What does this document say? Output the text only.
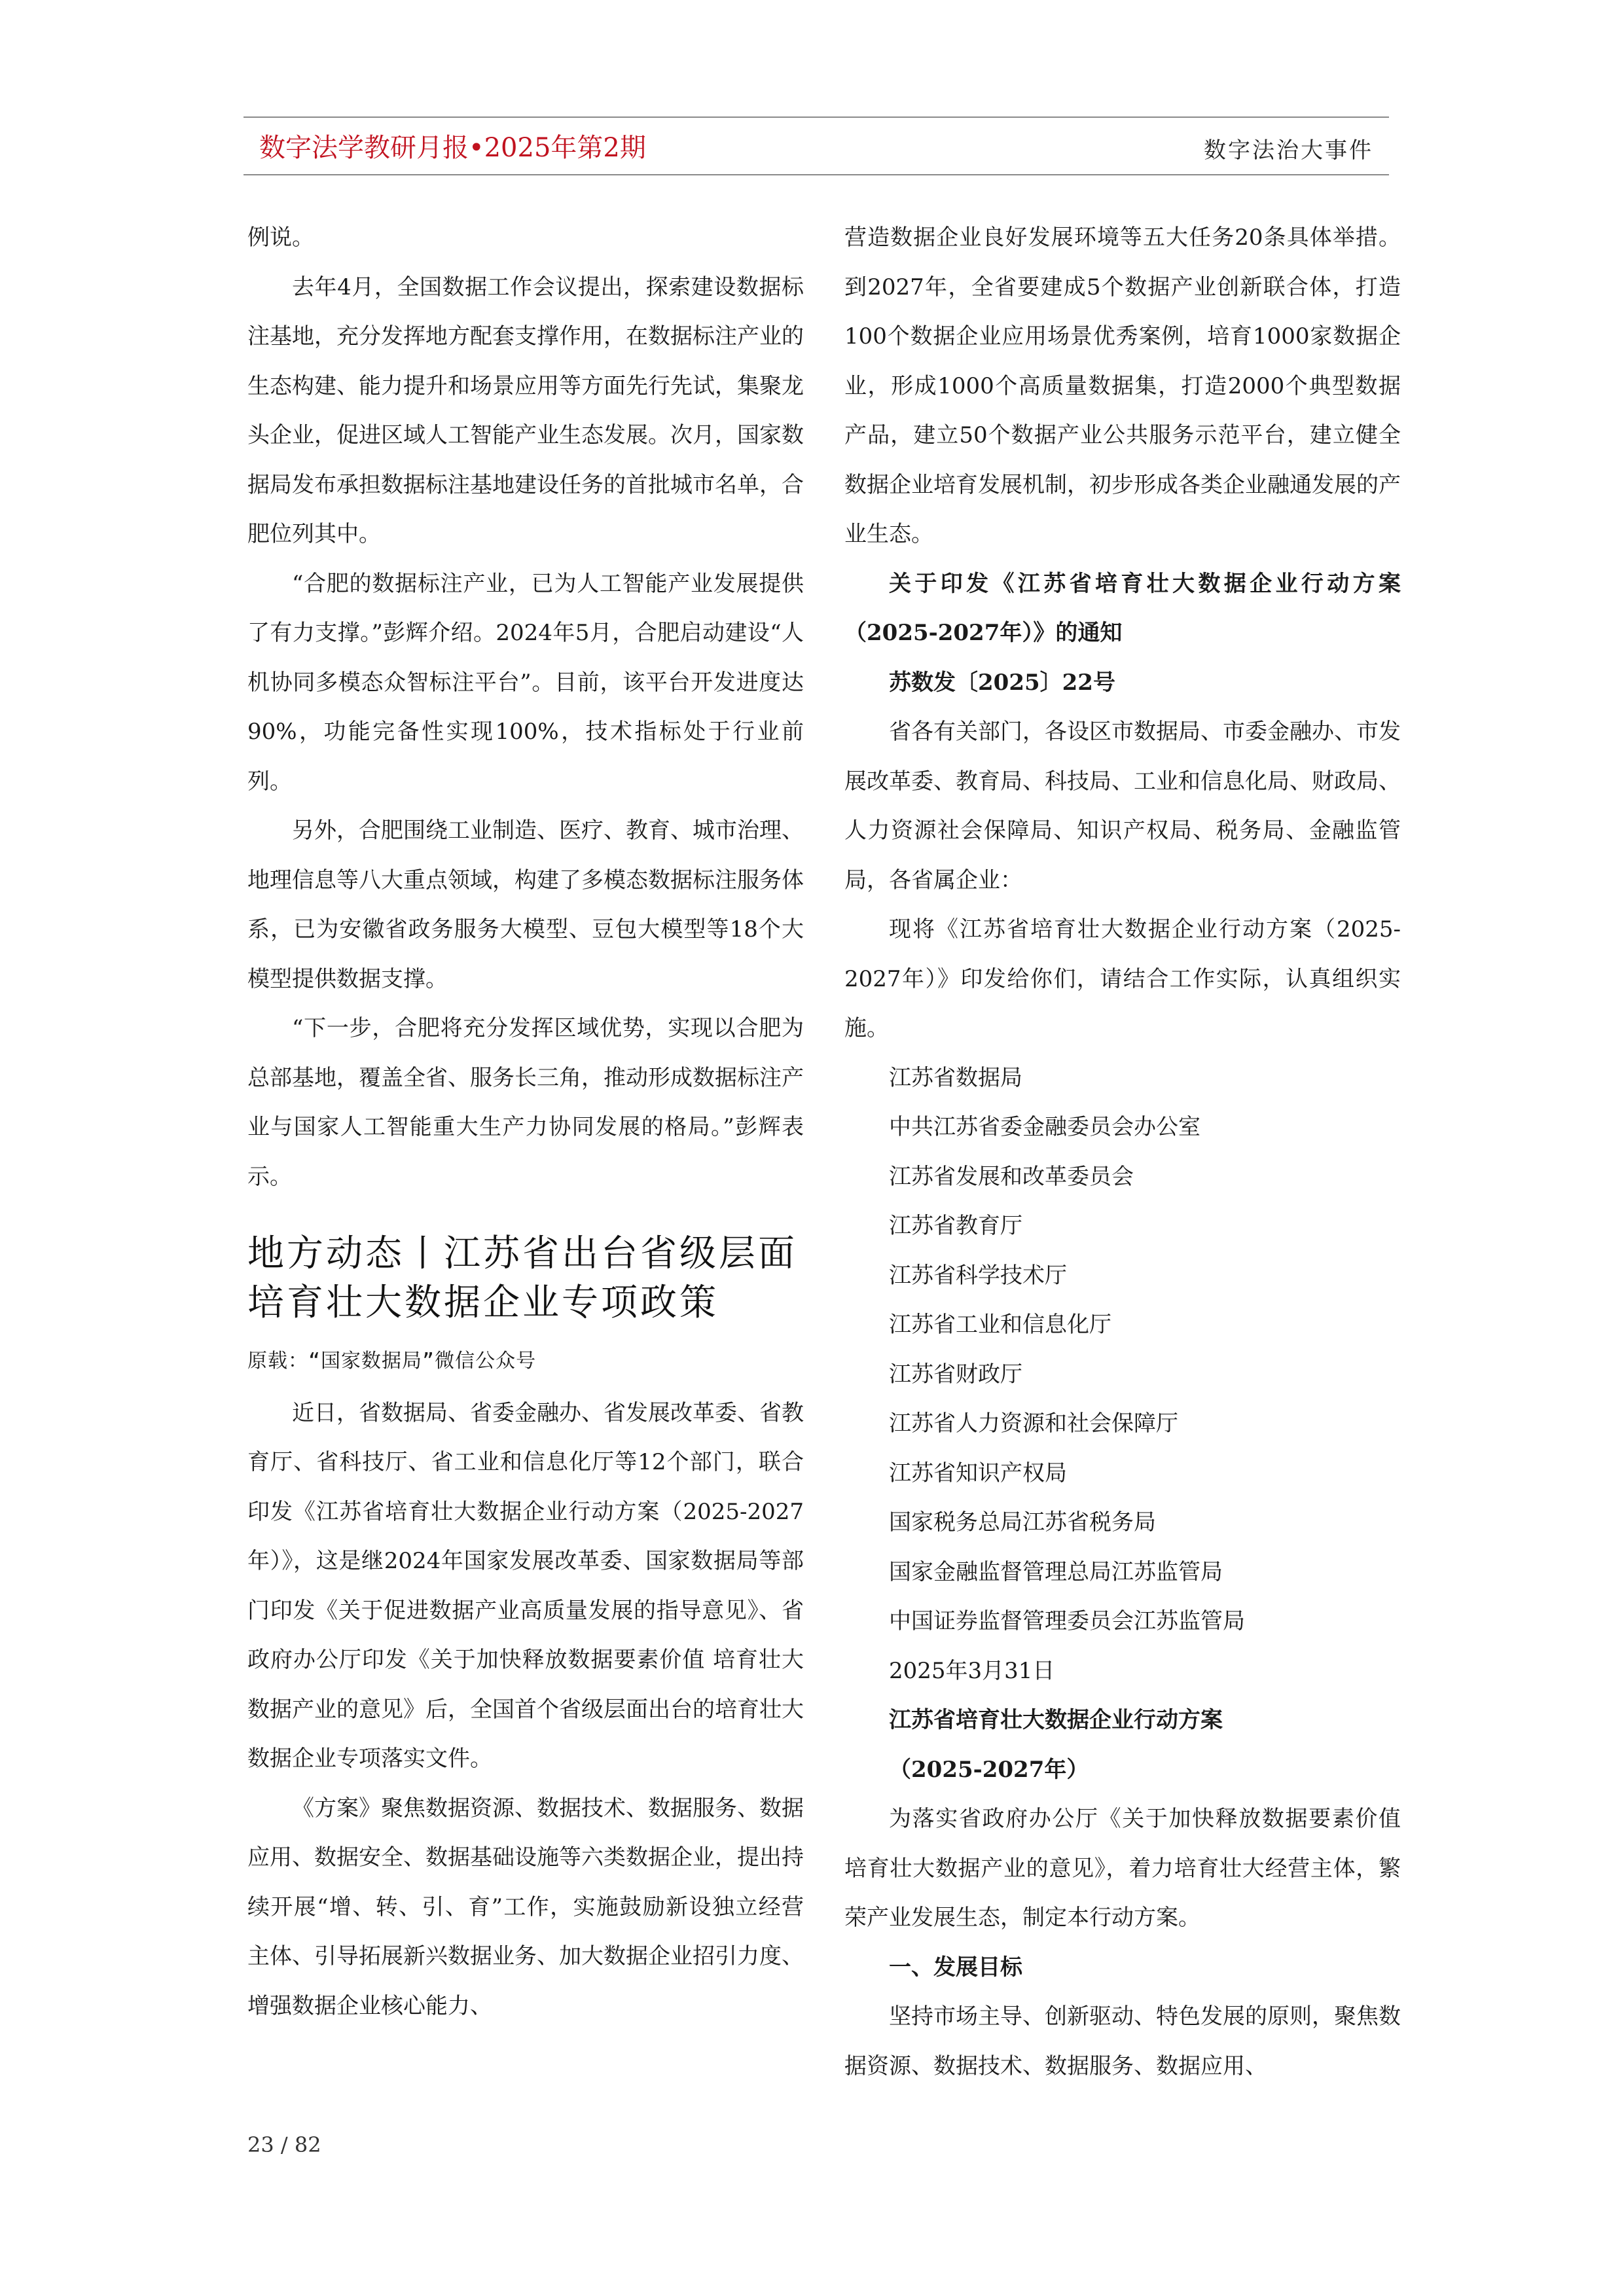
数字法学教研月报•2025年第2期	数字法治大事件

例说。

去年4月，全国数据工作会议提出，探索建设数据标注基地，充分发挥地方配套支撑作用，在数据标注产业的生态构建、能力提升和场景应用等方面先行先试，集聚龙头企业，促进区域人工智能产业生态发展。次月，国家数据局发布承担数据标注基地建设任务的首批城市名单，合肥位列其中。

“合肥的数据标注产业，已为人工智能产业发展提供了有力支撑。”彭辉介绍。2024年5月，合肥启动建设“人机协同多模态众智标注平台”。目前，该平台开发进度达90%，功能完备性实现100%，技术指标处于行业前列。

另外，合肥围绕工业制造、医疗、教育、城市治理、地理信息等八大重点领域，构建了多模态数据标注服务体系，已为安徽省政务服务大模型、豆包大模型等18个大模型提供数据支撑。

“下一步，合肥将充分发挥区域优势，实现以合肥为总部基地，覆盖全省、服务长三角，推动形成数据标注产业与国家人工智能重大生产力协同发展的格局。”彭辉表示。

地方动态丨江苏省出台省级层面培育壮大数据企业专项政策
原载：“国家数据局”微信公众号

近日，省数据局、省委金融办、省发展改革委、省教育厅、省科技厅、省工业和信息化厅等12个部门，联合印发《江苏省培育壮大数据企业行动方案（2025-2027年）》，这是继2024年国家发展改革委、国家数据局等部门印发《关于促进数据产业高质量发展的指导意见》、省政府办公厅印发《关于加快释放数据要素价值 培育壮大数据产业的意见》后，全国首个省级层面出台的培育壮大数据企业专项落实文件。

《方案》聚焦数据资源、数据技术、数据服务、数据应用、数据安全、数据基础设施等六类数据企业，提出持续开展“增、转、引、育”工作，实施鼓励新设独立经营主体、引导拓展新兴数据业务、加大数据企业招引力度、增强数据企业核心能力、

营造数据企业良好发展环境等五大任务20条具体举措。到2027年，全省要建成5个数据产业创新联合体，打造100个数据企业应用场景优秀案例，培育1000家数据企业，形成1000个高质量数据集，打造2000个典型数据产品，建立50个数据产业公共服务示范平台，建立健全数据企业培育发展机制，初步形成各类企业融通发展的产业生态。

关于印发《江苏省培育壮大数据企业行动方案（2025-2027年）》的通知

苏数发〔2025〕22号

省各有关部门，各设区市数据局、市委金融办、市发展改革委、教育局、科技局、工业和信息化局、财政局、人力资源社会保障局、知识产权局、税务局、金融监管局，各省属企业：

现将《江苏省培育壮大数据企业行动方案（2025-2027年）》印发给你们，请结合工作实际，认真组织实施。

江苏省数据局

中共江苏省委金融委员会办公室

江苏省发展和改革委员会

江苏省教育厅

江苏省科学技术厅

江苏省工业和信息化厅

江苏省财政厅

江苏省人力资源和社会保障厅

江苏省知识产权局

国家税务总局江苏省税务局

国家金融监督管理总局江苏监管局

中国证券监督管理委员会江苏监管局

2025年3月31日

江苏省培育壮大数据企业行动方案

（2025-2027年）

为落实省政府办公厅《关于加快释放数据要素价值 培育壮大数据产业的意见》，着力培育壮大经营主体，繁荣产业发展生态，制定本行动方案。

一、发展目标

坚持市场主导、创新驱动、特色发展的原则，聚焦数据资源、数据技术、数据服务、数据应用、

23 / 82
